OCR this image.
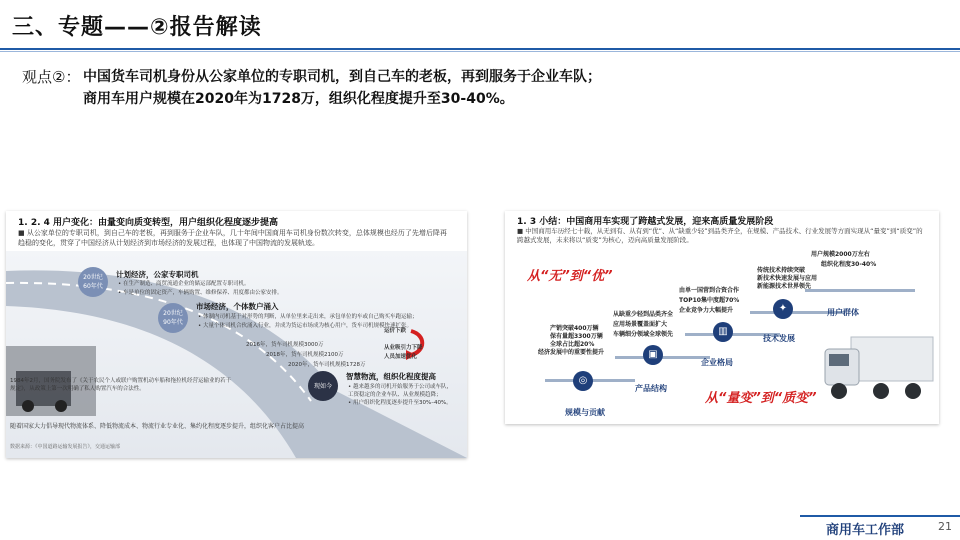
三、专题——②报告解读
观点②： 中国货车司机身份从公家单位的专职司机，到自己车的老板，再到服务于企业车队；
商用车用户规模在2020年为1728万，组织化程度提升至30-40%。
1. 2. 4 用户变化：由量变向质变转型，用户组织化程度逐步提高
■ 从公家单位的专职司机，到自己车的老板，再到服务于企业车队，几十年间中国商用车司机身份数次转变，总体规模也经历了先增后降再趋稳的变化，贯穿了中国经济从计划经济到市场经济的发展过程，也体现了中国物流的发展轨迹。
20世纪
60年代
计划经济，公家专职司机
• 在生产制造、商贸流通企业的储运部配置专职司机。
• 车是单位的固定资产，车辆购置、维修保养、用度都由公家安排。
20世纪
90年代
市场经济，个体数户涌入
• 体制内司机基于对形势的判断，从单位里来走出来，承包单位的车或自己购买车跑运输；
• 大量个体司机合伙涌入行业，并成为货运市场成为核心用户，货车司机规模快速扩张。
2016年，货车司机规模3000万
2018年，货车司机规模2100万
2020年，货车司机规模1728万
运价下跌
从业吸引力下降
人员加速优化
现如今
智慧物流，组织化程度提高
• 越来越多的司机开始服务于公司或车队，
工资稳定的企业车队、从业规模趋降；
• 用户组织化程度逐步提升至30%–40%。
1984年2月，国务院发布了《关于农民个人或联户购置机动车船和拖拉机经营运输业的若干规定》，从政策上第一次明确了私人购置汽车的合法性。
随着国家大力倡导现代物流体系、降低物流成本、物流行业专业化、集约化程度逐步提升，组织化客户占比提高
数据来源：《中国道路运输发展报告》，交通运输部
1. 3 小结：中国商用车实现了跨越式发展，迎来高质量发展阶段
■ 中国商用车历经七十载，从无到有、从有到“优”、从“缺重少轻”到品类齐全，在规模、产品技术、行业发展等方面实现从“量变”到“质变”的跨越式发展，未来将以“质变”为核心，迈向高质量发展阶段。
从“无”到“优”
从“量变”到“质变”
◎
规模与贡献
产销突破400万辆
保有量超3300万辆
全球占比超20%
经济发展中的重要性提升	▣
产品结构
从缺重少轻到品类齐全
应用场景覆盖面扩大
车辆细分领域全球领先	▥
企业格局
由单一国营到合资合作
TOP10集中度超70%
企业竞争力大幅提升	✦
技术发展
传统技术持续突破
新技术快速发展与应用
新能源技术世界领先
用户群体
用户规模2000万左右
组织化程度30-40%
商用车工作部	21
